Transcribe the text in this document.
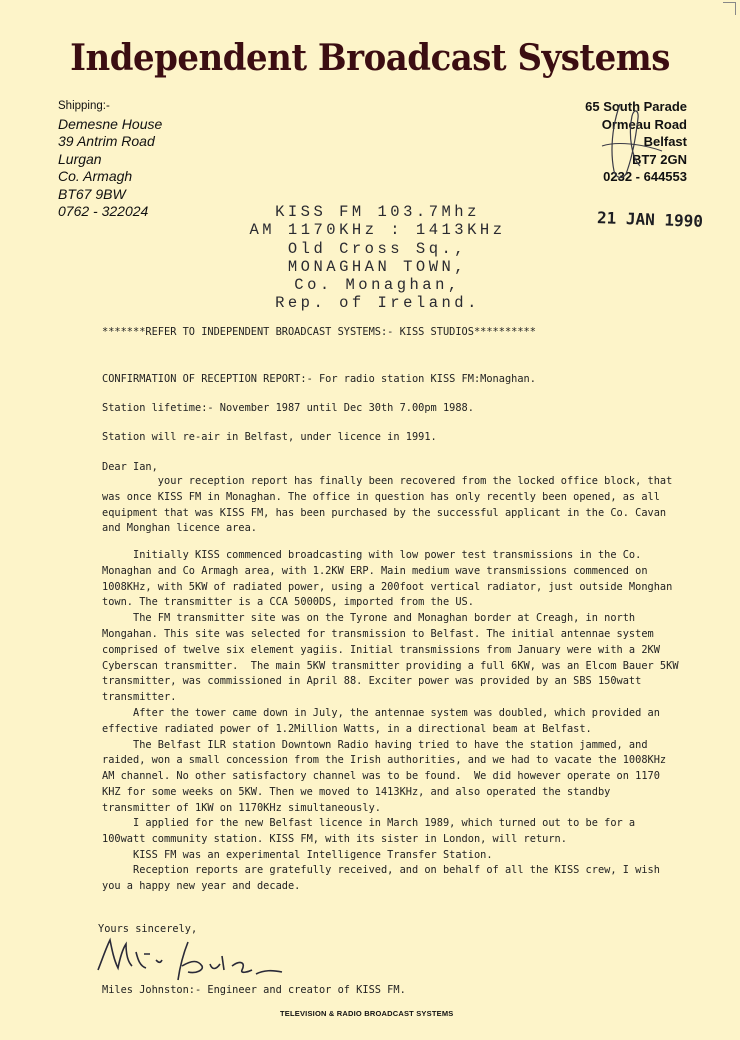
Independent Broadcast Systems
Shipping:-
Demesne House
39 Antrim Road
Lurgan
Co. Armagh
BT67 9BW
0762 - 322024
65 South Parade
Ormeau Road
Belfast
BT7 2GN
0232 - 644553
KISS FM 103.7Mhz
AM 1170KHz : 1413KHz
Old Cross Sq.,
MONAGHAN TOWN,
Co. Monaghan,
Rep. of Ireland.
21 JAN 1990
*******REFER TO INDEPENDENT BROADCAST SYSTEMS:- KISS STUDIOS**********
CONFIRMATION OF RECEPTION REPORT:- For radio station KISS FM:Monaghan.
Station lifetime:- November 1987 until Dec 30th 7.00pm 1988.
Station will re-air in Belfast, under licence in 1991.
Dear Ian,
your reception report has finally been recovered from the locked office block, that
was once KISS FM in Monaghan. The office in question has only recently been opened, as all
equipment that was KISS FM, has been purchased by the successful applicant in the Co. Cavan
and Monghan licence area.
Initially KISS commenced broadcasting with low power test transmissions in the Co.
Monaghan and Co Armagh area, with 1.2KW ERP. Main medium wave transmissions commenced on
1008KHz, with 5KW of radiated power, using a 200foot vertical radiator, just outside Monghan
town. The transmitter is a CCA 5000DS, imported from the US.
The FM transmitter site was on the Tyrone and Monaghan border at Creagh, in north
Mongahan. This site was selected for transmission to Belfast. The initial antennae system
comprised of twelve six element yagiis. Initial transmissions from January were with a 2KW
Cyberscan transmitter.  The main 5KW transmitter providing a full 6KW, was an Elcom Bauer 5KW
transmitter, was commissioned in April 88. Exciter power was provided by an SBS 150watt
transmitter.
After the tower came down in July, the antennae system was doubled, which provided an
effective radiated power of 1.2Million Watts, in a directional beam at Belfast.
The Belfast ILR station Downtown Radio having tried to have the station jammed, and
raided, won a small concession from the Irish authorities, and we had to vacate the 1008KHz
AM channel. No other satisfactory channel was to be found.  We did however operate on 1170
KHZ for some weeks on 5KW. Then we moved to 1413KHz, and also operated the standby
transmitter of 1KW on 1170KHz simultaneously.
I applied for the new Belfast licence in March 1989, which turned out to be for a
100watt community station. KISS FM, with its sister in London, will return.
KISS FM was an experimental Intelligence Transfer Station.
Reception reports are gratefully received, and on behalf of all the KISS crew, I wish
you a happy new year and decade.
Yours sincerely,
Miles Johnston:- Engineer and creator of KISS FM.
TELEVISION & RADIO BROADCAST SYSTEMS
